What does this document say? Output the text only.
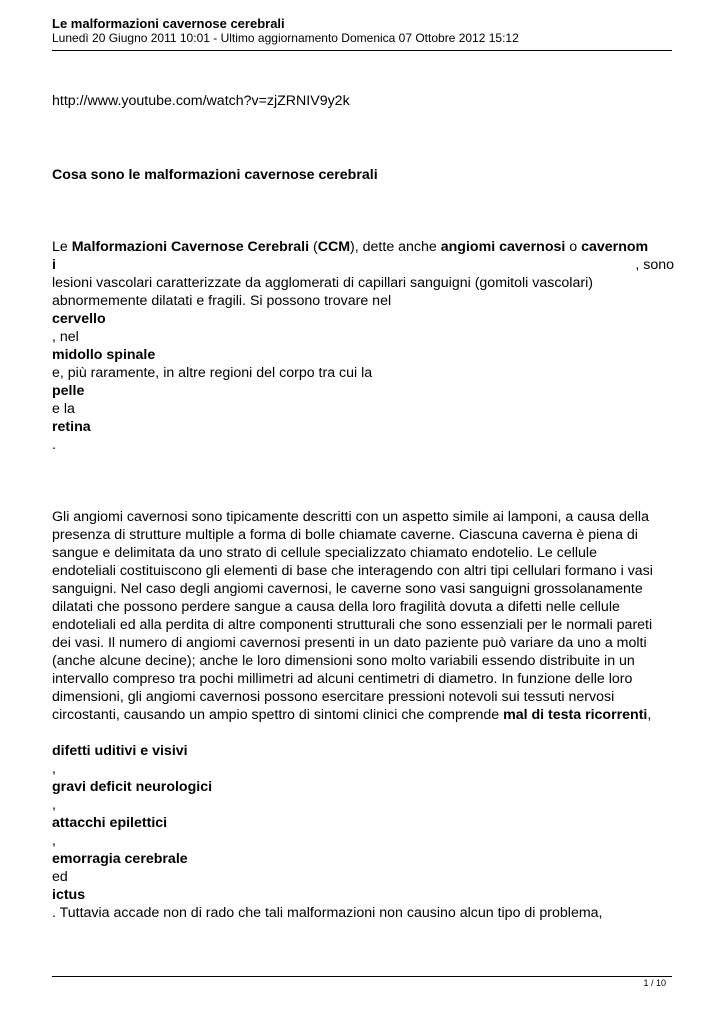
Le malformazioni cavernose cerebrali
Lunedì 20 Giugno 2011 10:01 - Ultimo aggiornamento Domenica 07 Ottobre 2012 15:12
http://www.youtube.com/watch?v=zjZRNIV9y2k
Cosa sono le malformazioni cavernose cerebrali
Le Malformazioni Cavernose Cerebrali (CCM), dette anche angiomi cavernosi o cavernom
i	, sono
lesioni vascolari caratterizzate da agglomerati di capillari sanguigni (gomitoli vascolari)
abnormemente dilatati e fragili. Si possono trovare nel
cervello
, nel
midollo spinale
e, più raramente, in altre regioni del corpo tra cui la
pelle
e la
retina
.
Gli angiomi cavernosi sono tipicamente descritti con un aspetto simile ai lamponi, a causa della
presenza di strutture multiple a forma di bolle chiamate caverne. Ciascuna caverna è piena di
sangue e delimitata da uno strato di cellule specializzato chiamato endotelio. Le cellule
endoteliali costituiscono gli elementi di base che interagendo con altri tipi cellulari formano i vasi
sanguigni. Nel caso degli angiomi cavernosi, le caverne sono vasi sanguigni grossolanamente
dilatati che possono perdere sangue a causa della loro fragilità dovuta a difetti nelle cellule
endoteliali ed alla perdita di altre componenti strutturali che sono essenziali per le normali pareti
dei vasi. Il numero di angiomi cavernosi presenti in un dato paziente può variare da uno a molti
(anche alcune decine); anche le loro dimensioni sono molto variabili essendo distribuite in un
intervallo compreso tra pochi millimetri ad alcuni centimetri di diametro. In funzione delle loro
dimensioni, gli angiomi cavernosi possono esercitare pressioni notevoli sui tessuti nervosi
circostanti, causando un ampio spettro di sintomi clinici che comprende mal di testa ricorrenti,
difetti uditivi e visivi
,
gravi deficit neurologici
,
attacchi epilettici
,
emorragia cerebrale
ed
ictus
. Tuttavia accade non di rado che tali malformazioni non causino alcun tipo di problema,
1 / 10
